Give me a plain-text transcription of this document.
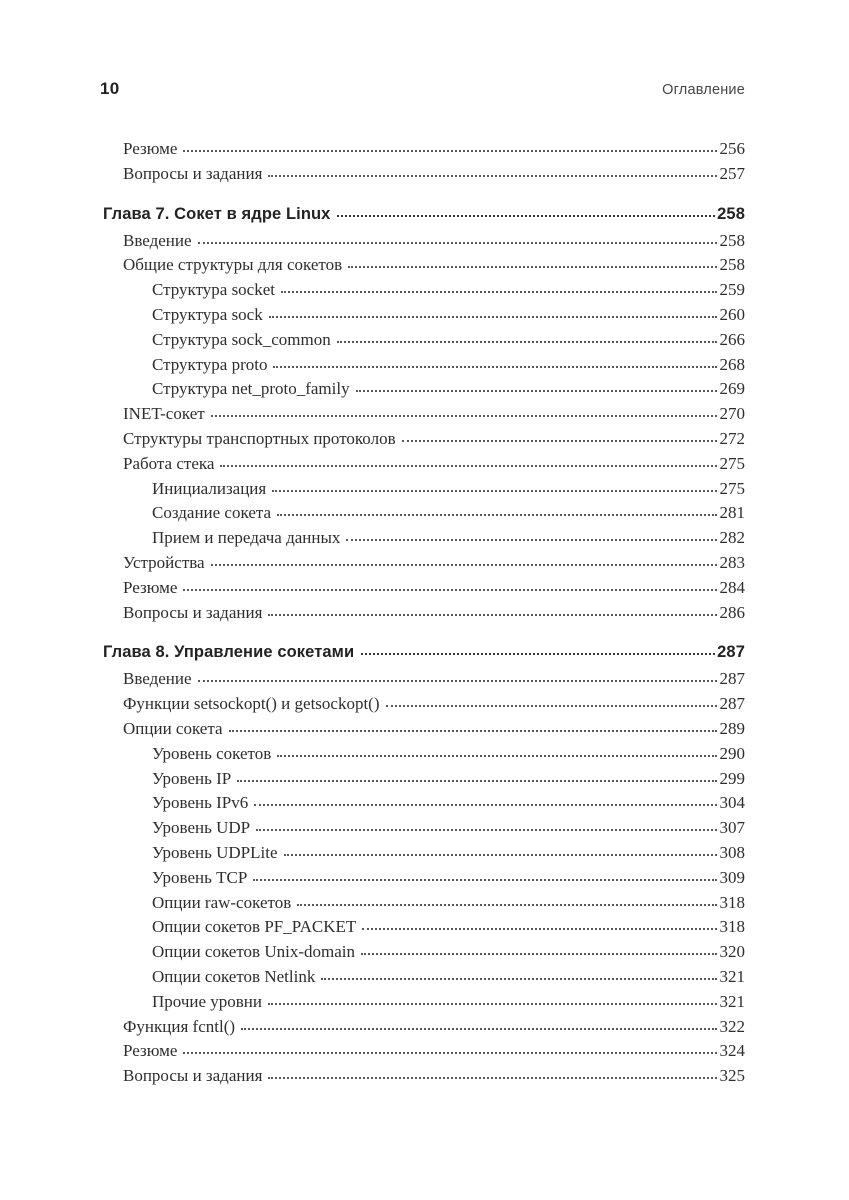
10	Оглавление
Резюме	256
Вопросы и задания	257
Глава 7. Сокет в ядре Linux	258
Введение	258
Общие структуры для сокетов	258
Структура socket	259
Структура sock	260
Структура sock_common	266
Структура proto	268
Структура net_proto_family	269
INET-сокет	270
Структуры транспортных протоколов	272
Работа стека	275
Инициализация	275
Создание сокета	281
Прием и передача данных	282
Устройства	283
Резюме	284
Вопросы и задания	286
Глава 8. Управление сокетами	287
Введение	287
Функции setsockopt() и getsockopt()	287
Опции сокета	289
Уровень сокетов	290
Уровень IP	299
Уровень IPv6	304
Уровень UDP	307
Уровень UDPLite	308
Уровень TCP	309
Опции raw-сокетов	318
Опции сокетов PF_PACKET	318
Опции сокетов Unix-domain	320
Опции сокетов Netlink	321
Прочие уровни	321
Функция fcntl()	322
Резюме	324
Вопросы и задания	325
